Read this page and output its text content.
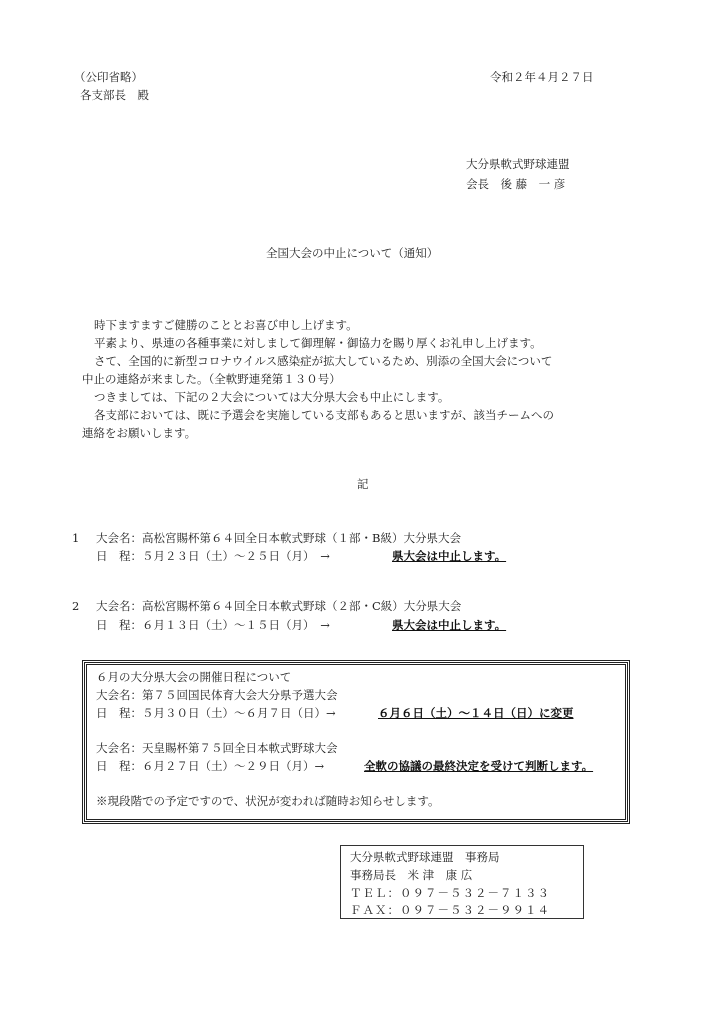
（公印省略）
各支部長　殿
令和２年４月２７日
大分県軟式野球連盟
会長　後 藤　一 彦
全国大会の中止について（通知）
時下ますますご健勝のこととお喜び申し上げます。
平素より、県連の各種事業に対しまして御理解・御協力を賜り厚くお礼申し上げます。
さて、全国的に新型コロナウイルス感染症が拡大しているため、別添の全国大会について
中止の連絡が来ました。（全軟野連発第１３０号）
つきましては、下記の２大会については大分県大会も中止にします。
各支部においては、既に予選会を実施している支部もあると思いますが、該当チームへの
連絡をお願いします。
記
1 大会名：高松宮賜杯第６４回全日本軟式野球（１部・B級）大分県大会
日　程：５月２３日（土）～２５日（月）　→	県大会は中止します。
2 大会名：高松宮賜杯第６４回全日本軟式野球（２部・C級）大分県大会
日　程：６月１３日（土）～１５日（月）　→	県大会は中止します。
６月の大分県大会の開催日程について
大会名：第７５回国民体育大会大分県予選大会
日　程：５月３０日（土）～６月７日（日）→	６月６日（土）～１４日（日）に変更
大会名：天皇賜杯第７５回全日本軟式野球大会
日　程：６月２７日（土）～２９日（月）→	全軟の協議の最終決定を受けて判断します。
※現段階での予定ですので、状況が変われば随時お知らせします。
大分県軟式野球連盟　事務局
事務局長　米 津　康 広
ＴＥＬ：０９７－５３２－７１３３
ＦＡＸ：０９７－５３２－９９１４
